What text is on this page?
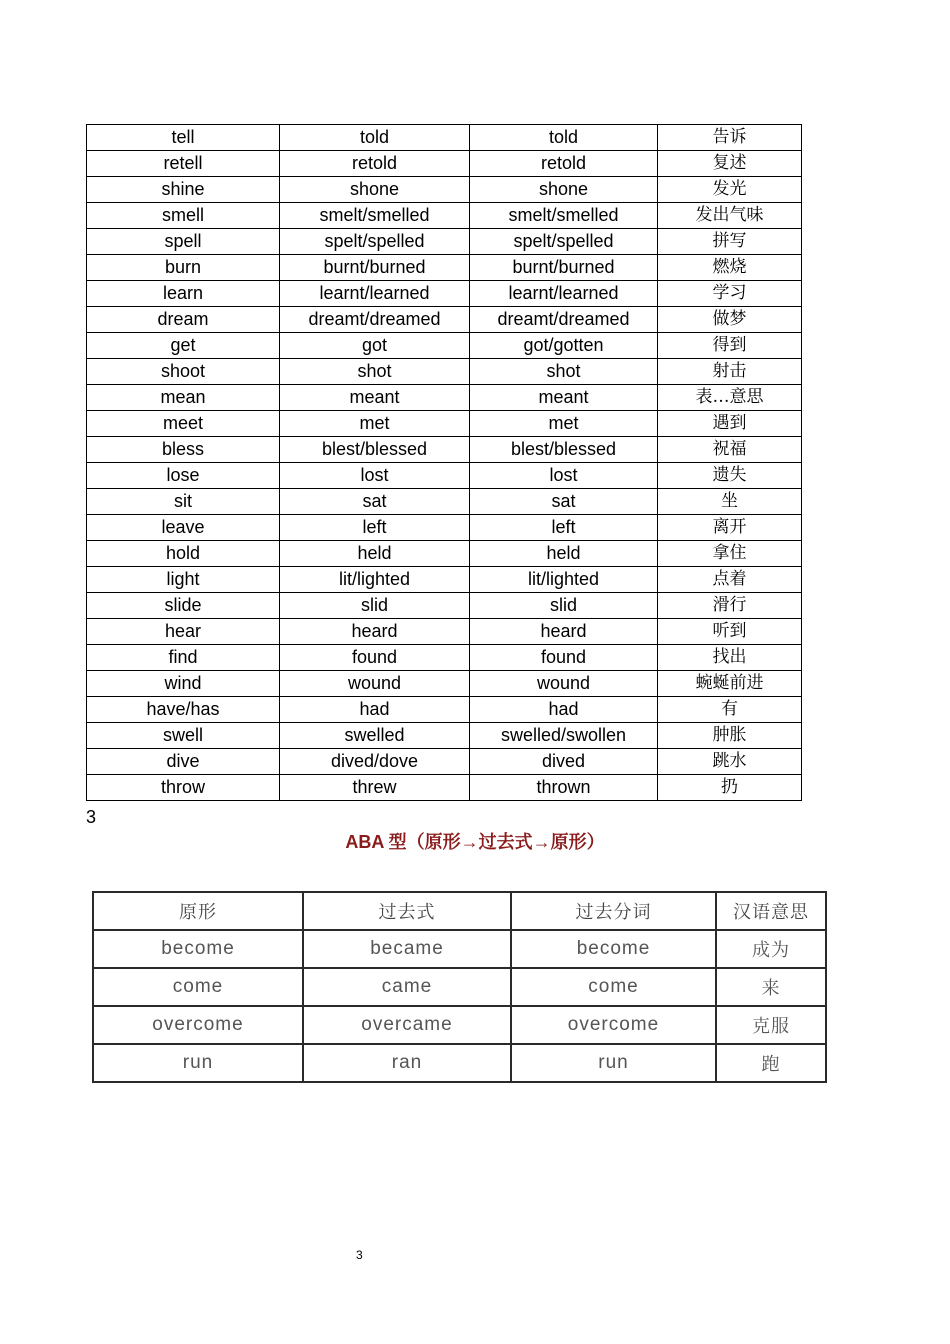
tell	told	told	告诉
retell	retold	retold	复述
shine	shone	shone	发光
smell	smelt/smelled	smelt/smelled	发出气味
spell	spelt/spelled	spelt/spelled	拼写
burn	burnt/burned	burnt/burned	燃烧
learn	learnt/learned	learnt/learned	学习
dream	dreamt/dreamed	dreamt/dreamed	做梦
get	got	got/gotten	得到
shoot	shot	shot	射击
mean	meant	meant	表…意思
meet	met	met	遇到
bless	blest/blessed	blest/blessed	祝福
lose	lost	lost	遗失
sit	sat	sat	坐
leave	left	left	离开
hold	held	held	拿住
light	lit/lighted	lit/lighted	点着
slide	slid	slid	滑行
hear	heard	heard	听到
find	found	found	找出
wind	wound	wound	蜿蜒前进
have/has	had	had	有
swell	swelled	swelled/swollen	肿胀
dive	dived/dove	dived	跳水
throw	threw	thrown	扔
3
ABA 型（原形→过去式→原形）
原形	过去式	过去分词	汉语意思
become	became	become	成为
come	came	come	来
overcome	overcame	overcome	克服
run	ran	run	跑
3
